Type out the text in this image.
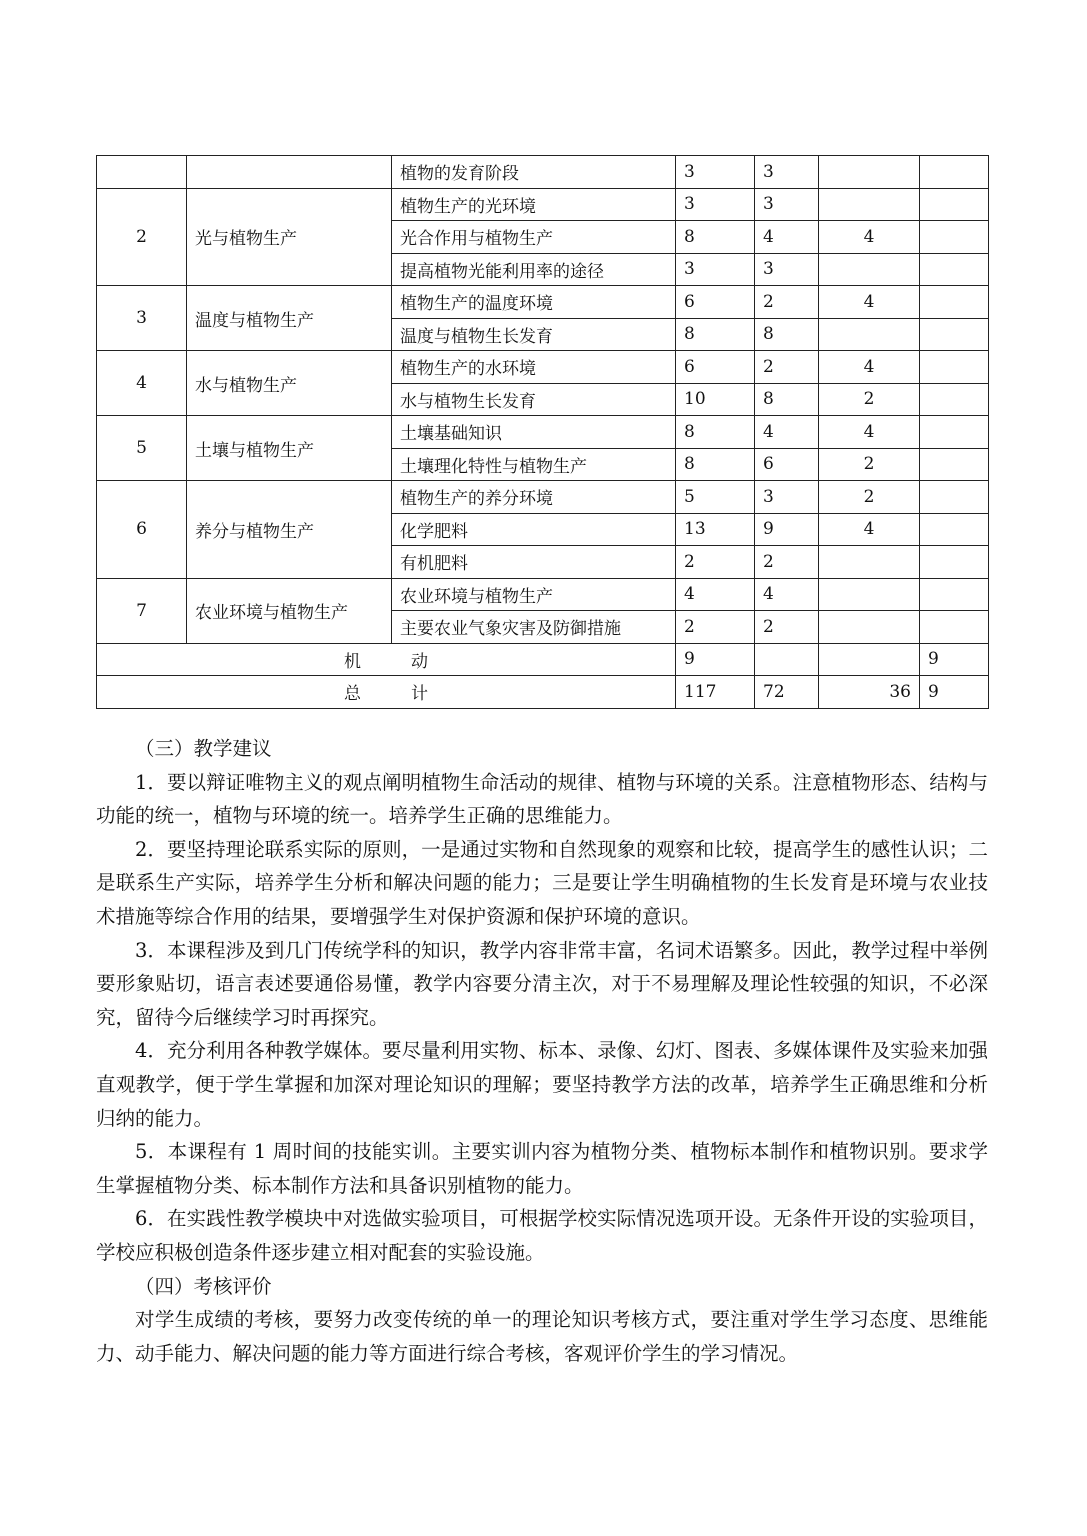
		植物的发育阶段	3	3		
2	光与植物生产	植物生产的光环境	3	3		
		光合作用与植物生产	8	4	4	
		提高植物光能利用率的途径	3	3		
3	温度与植物生产	植物生产的温度环境	6	2	4	
		温度与植物生长发育	8	8		
4	水与植物生产	植物生产的水环境	6	2	4	
		水与植物生长发育	10	8	2	
5	土壤与植物生产	土壤基础知识	8	4	4	
		土壤理化特性与植物生产	8	6	2	
6	养分与植物生产	植物生产的养分环境	5	3	2	
		化学肥料	13	9	4	
		有机肥料	2	2		
7	农业环境与植物生产	农业环境与植物生产	4	4		
		主要农业气象灾害及防御措施	2	2		
机 动			9			9
总 计			117	72	36	9

（三）教学建议

1．要以辩证唯物主义的观点阐明植物生命活动的规律、植物与环境的关系。注意植物形态、结构与功能的统一，植物与环境的统一。培养学生正确的思维能力。

2．要坚持理论联系实际的原则，一是通过实物和自然现象的观察和比较，提高学生的感性认识；二是联系生产实际，培养学生分析和解决问题的能力；三是要让学生明确植物的生长发育是环境与农业技术措施等综合作用的结果，要增强学生对保护资源和保护环境的意识。

3．本课程涉及到几门传统学科的知识，教学内容非常丰富，名词术语繁多。因此，教学过程中举例要形象贴切，语言表述要通俗易懂，教学内容要分清主次，对于不易理解及理论性较强的知识，不必深究，留待今后继续学习时再探究。

4．充分利用各种教学媒体。要尽量利用实物、标本、录像、幻灯、图表、多媒体课件及实验来加强直观教学，便于学生掌握和加深对理论知识的理解；要坚持教学方法的改革，培养学生正确思维和分析归纳的能力。

5．本课程有 1 周时间的技能实训。主要实训内容为植物分类、植物标本制作和植物识别。要求学生掌握植物分类、标本制作方法和具备识别植物的能力。

6．在实践性教学模块中对选做实验项目，可根据学校实际情况选项开设。无条件开设的实验项目，学校应积极创造条件逐步建立相对配套的实验设施。

（四）考核评价

对学生成绩的考核，要努力改变传统的单一的理论知识考核方式，要注重对学生学习态度、思维能力、动手能力、解决问题的能力等方面进行综合考核，客观评价学生的学习情况。
